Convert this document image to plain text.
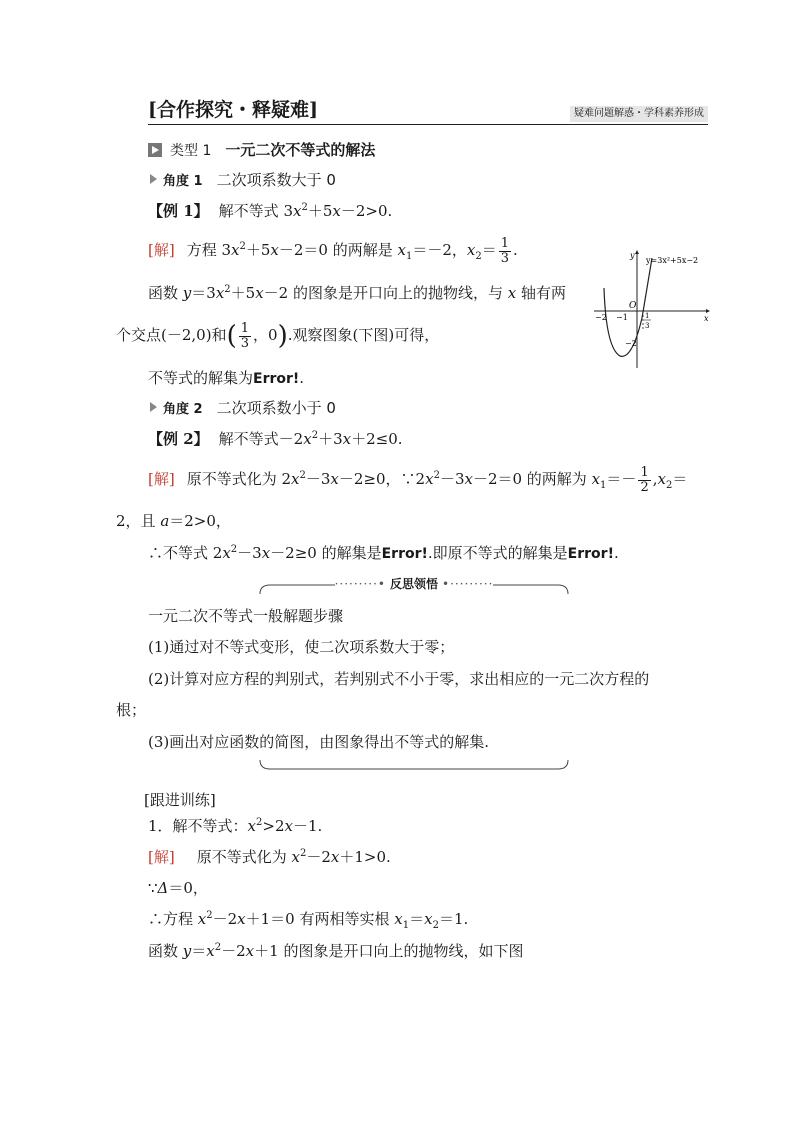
[合作探究・释疑难]	疑难问题解惑・学科素养形成
类型 1 一元二次不等式的解法
角度 1 二次项系数大于 0
【例 1】 解不等式 $3x^2+5x-2>0$.
[解] 方程 $3x^2+5x-2=0$ 的两解是 $x_1=-2$，$x_2= \frac{1}{3}$ .
函数 $y=3x^2+5x-2$ 的图象是开口向上的抛物线，与 x 轴有两
个交点(－2,0)和( $\frac{1}{3}$ ，0).观察图象(下图)可得，
不等式的解集为Error!.
y
y=3x²+5x−2
x
O
−2 −1 1
3
−2
角度 2 二次项系数小于 0
【例 2】 解不等式$-2x^2+3x+2\le 0$.
[解] 原不等式化为 $2x^2-3x-2\ge 0$，$\because 2x^2-3x-2=0$ 的两解为 $x_1=- \frac{1}{2} ,x_2=$
2，且 a＝2>0，
∴不等式 $2x^2-3x-2\ge 0$ 的解集是Error!.即原不等式的解集是Error!.
·········• 反思领悟 •·········
一元二次不等式一般解题步骤
(1)通过对不等式变形，使二次项系数大于零；
(2)计算对应方程的判别式，若判别式不小于零，求出相应的一元二次方程的
根；
(3)画出对应函数的简图，由图象得出不等式的解集.
[跟进训练]
1．解不等式：$x^2>2x-1$.
[解] 原不等式化为 $x^2-2x+1>0$.
∵Δ＝0，
∴方程 $x^2-2x+1=0$ 有两相等实根 $x_1=x_2=1$.
函数 $y=x^2-2x+1$ 的图象是开口向上的抛物线，如下图
